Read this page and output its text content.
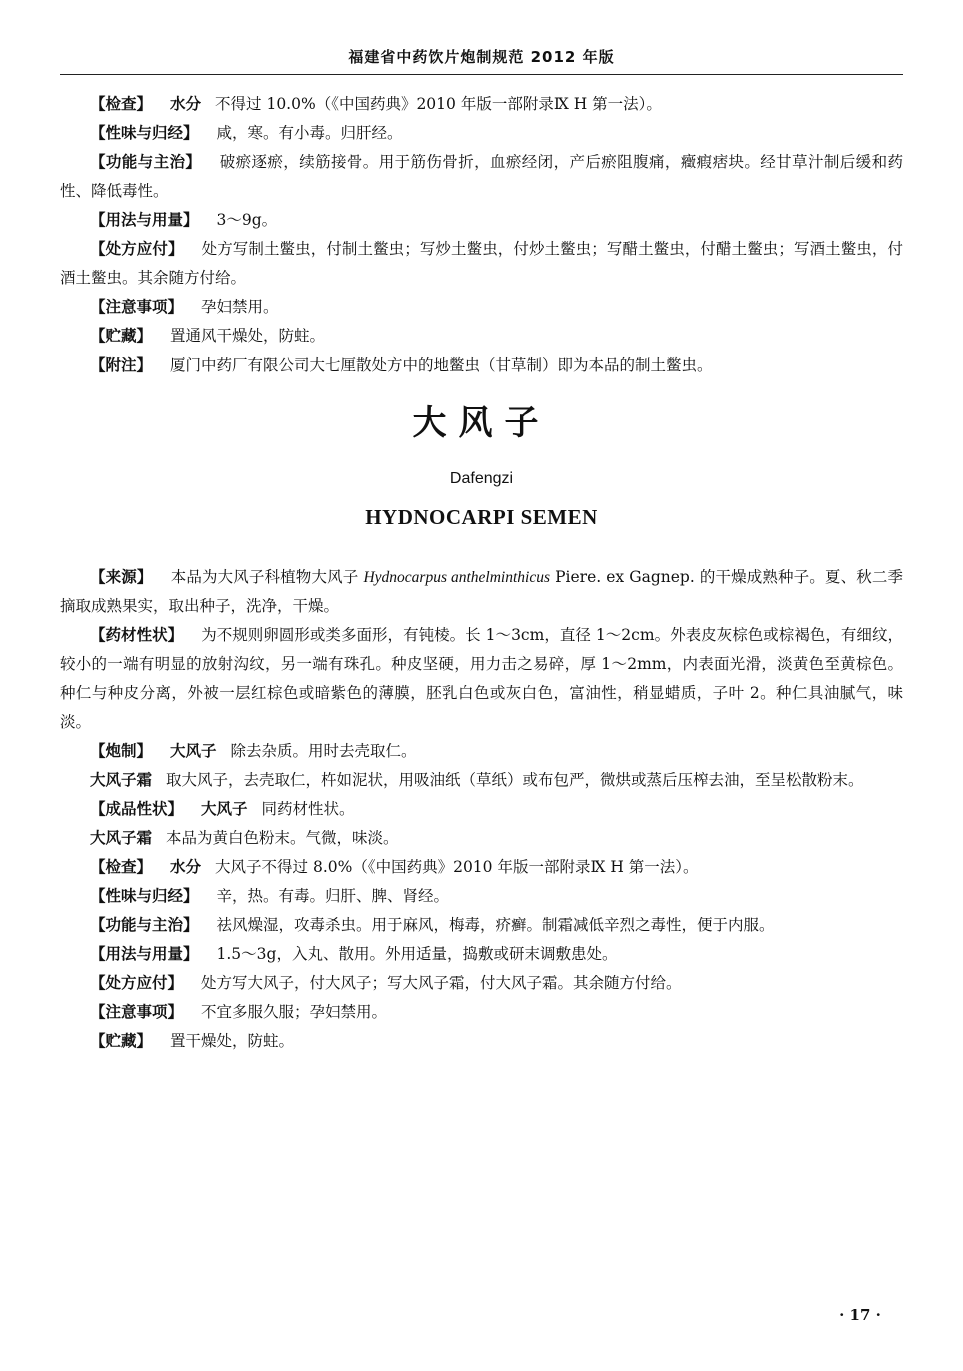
福建省中药饮片炮制规范 2012 年版

【检查】 水分 不得过 10.0%（《中国药典》2010 年版一部附录Ⅸ H 第一法）。

【性味与归经】 咸，寒。有小毒。归肝经。

【功能与主治】 破瘀逐瘀，续筋接骨。用于筋伤骨折，血瘀经闭，产后瘀阻腹痛，癥瘕痞块。经甘草汁制后缓和药性、降低毒性。

【用法与用量】 3～9g。

【处方应付】 处方写制土鳖虫，付制土鳖虫；写炒土鳖虫，付炒土鳖虫；写醋土鳖虫，付醋土鳖虫；写酒土鳖虫，付酒土鳖虫。其余随方付给。

【注意事项】 孕妇禁用。

【贮藏】 置通风干燥处，防蛀。

【附注】 厦门中药厂有限公司大七厘散处方中的地鳖虫（甘草制）即为本品的制土鳖虫。

大风子
Dafengzi
HYDNOCARPI SEMEN

【来源】 本品为大风子科植物大风子 Hydnocarpus anthelminthicus Piere. ex Gagnep. 的干燥成熟种子。夏、秋二季摘取成熟果实，取出种子，洗净，干燥。

【药材性状】 为不规则卵圆形或类多面形，有钝棱。长 1～3cm，直径 1～2cm。外表皮灰棕色或棕褐色，有细纹，较小的一端有明显的放射沟纹，另一端有珠孔。种皮坚硬，用力击之易碎，厚 1～2mm，内表面光滑，淡黄色至黄棕色。种仁与种皮分离，外被一层红棕色或暗紫色的薄膜，胚乳白色或灰白色，富油性，稍显蜡质，子叶 2。种仁具油腻气，味淡。

【炮制】 大风子 除去杂质。用时去壳取仁。

大风子霜 取大风子，去壳取仁，杵如泥状，用吸油纸（草纸）或布包严，微烘或蒸后压榨去油，至呈松散粉末。

【成品性状】 大风子 同药材性状。

大风子霜 本品为黄白色粉末。气微，味淡。

【检查】 水分 大风子不得过 8.0%（《中国药典》2010 年版一部附录Ⅸ H 第一法）。

【性味与归经】 辛，热。有毒。归肝、脾、肾经。

【功能与主治】 祛风燥湿，攻毒杀虫。用于麻风，梅毒，疥癣。制霜减低辛烈之毒性，便于内服。

【用法与用量】 1.5～3g，入丸、散用。外用适量，捣敷或研末调敷患处。

【处方应付】 处方写大风子，付大风子；写大风子霜，付大风子霜。其余随方付给。

【注意事项】 不宜多服久服；孕妇禁用。

【贮藏】 置干燥处，防蛀。

· 17 ·
